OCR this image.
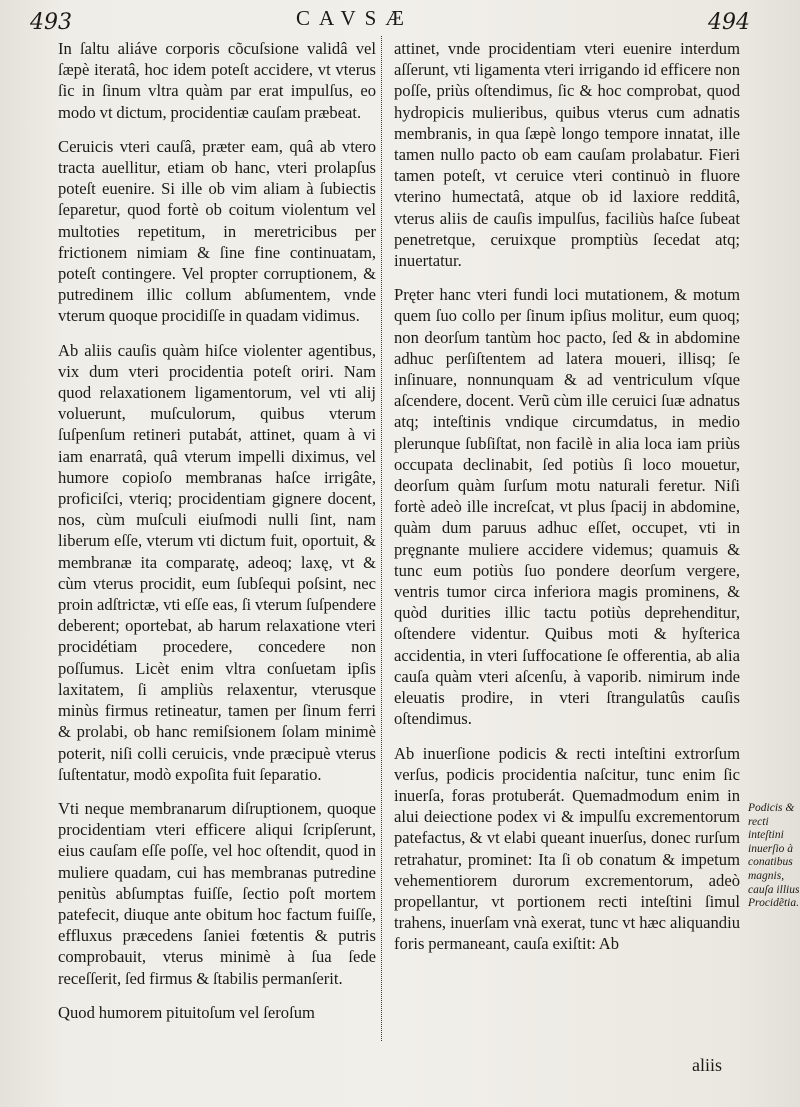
493	CAVSÆ	494

In ſaltu aliáve corporis cõcuſsione validâ vel ſæpè iteratâ, hoc idem poteſt accidere, vt vterus ſic in ſinum vltra quàm par erat impulſus, eo modo vt dictum, procidentiæ cauſam præbeat.

Ceruicis vteri cauſâ, præter eam, quâ ab vtero tracta auellitur, etiam ob hanc, vteri prolapſus poteſt euenire. Si ille ob vim aliam à ſubiectis ſeparetur, quod fortè ob coitum violentum vel multoties repetitum, in meretricibus per frictionem nimiam & ſine fine continuatam, poteſt contingere. Vel propter corruptionem, & putredinem illic collum abſumentem, vnde vterum quoque procidiſſe in quadam vidimus.

Ab aliis cauſis quàm hiſce violenter agentibus, vix dum vteri procidentia poteſt oriri. Nam quod relaxationem ligamentorum, vel vti alij voluerunt, muſculorum, quibus vterum ſuſpenſum retineri putabát, attinet, quam à vi iam enarratâ, quâ vterum impelli diximus, vel humore copioſo membranas haſce irrigâte, proficiſci, vteriq; procidentiam gignere docent, nos, cùm muſculi eiuſmodi nulli ſint, nam liberum eſſe, vterum vti dictum fuit, oportuit, & membranæ ita comparatę, adeoq; laxę, vt & cùm vterus procidit, eum ſubſequi poſsint, nec proin adſtrictæ, vti eſſe eas, ſi vterum ſuſpendere deberent; oportebat, ab harum relaxatione vteri procidétiam procedere, concedere non poſſumus. Licèt enim vltra conſuetam ipſis laxitatem, ſi ampliùs relaxentur, vterusque minùs firmus retineatur, tamen per ſinum ferri & prolabi, ob hanc remiſsionem ſolam minimè poterit, niſi colli ceruicis, vnde præcipuè vterus ſuſtentatur, modò expoſita fuit ſeparatio.

Vti neque membranarum diſruptionem, quoque procidentiam vteri efficere aliqui ſcripſerunt, eius cauſam eſſe poſſe, vel hoc oſtendit, quod in muliere quadam, cui has membranas putredine penitùs abſumptas fuiſſe, ſectio poſt mortem patefecit, diuque ante obitum hoc factum fuiſſe, effluxus præcedens ſaniei fœtentis & putris comprobauit, vterus minimè à ſua ſede receſſerit, ſed firmus & ſtabilis permanſerit.

Quod humorem pituitoſum vel ſeroſum

attinet, vnde procidentiam vteri euenire interdum aſſerunt, vti ligamenta vteri irrigando id efficere non poſſe, priùs oſtendimus, ſic & hoc comprobat, quod hydropicis mulieribus, quibus vterus cum adnatis membranis, in qua ſæpè longo tempore innatat, ille tamen nullo pacto ob eam cauſam prolabatur. Fieri tamen poteſt, vt ceruice vteri continuò in fluore vterino humectatâ, atque ob id laxiore redditâ, vterus aliis de cauſis impulſus, faciliùs haſce ſubeat penetretque, ceruixque promptiùs ſecedat atq; inuertatur.

Pręter hanc vteri fundi loci mutationem, & motum quem ſuo collo per ſinum ipſius molitur, eum quoq; non deorſum tantùm hoc pacto, ſed & in abdomine adhuc perſiſtentem ad latera moueri, illisq; ſe inſinuare, nonnunquam & ad ventriculum vſque aſcendere, docent. Verũ cùm ille ceruici ſuæ adnatus atq; inteſtinis vndique circumdatus, in medio plerunque ſubſiſtat, non facilè in alia loca iam priùs occupata declinabit, ſed potiùs ſi loco mouetur, deorſum quàm ſurſum motu naturali feretur. Niſi fortè adeò ille increſcat, vt plus ſpacij in abdomine, quàm dum paruus adhuc eſſet, occupet, vti in pręgnante muliere accidere videmus; quamuis & tunc eum potiùs ſuo pondere deorſum vergere, ventris tumor circa inferiora magis prominens, & quòd durities illic tactu potiùs deprehenditur, oſtendere videntur. Quibus moti & hyſterica accidentia, in vteri ſuffocatione ſe offerentia, ab alia cauſa quàm vteri aſcenſu, à vaporib. nimirum inde eleuatis prodire, in vteri ſtrangulatûs cauſis oſtendimus.

Ab inuerſione podicis & recti inteſtini extrorſum verſus, podicis procidentia naſcitur, tunc enim ſic inuerſa, foras protuberát. Quemadmodum enim in alui deiectione podex vi & impulſu excrementorum patefactus, & vt elabi queant inuerſus, donec rurſum retrahatur, prominet: Ita ſi ob conatum & impetum vehementiorem durorum excrementorum, adeò propellantur, vt portionem recti inteſtini ſimul trahens, inuerſam vnà exerat, tunc vt hæc aliquandiu foris permaneant, cauſa exiſtit: Ab

Podicis & recti inteſtini inuerſio à conatibus magnis, cauſa illius Procidẽtia.
aliis
